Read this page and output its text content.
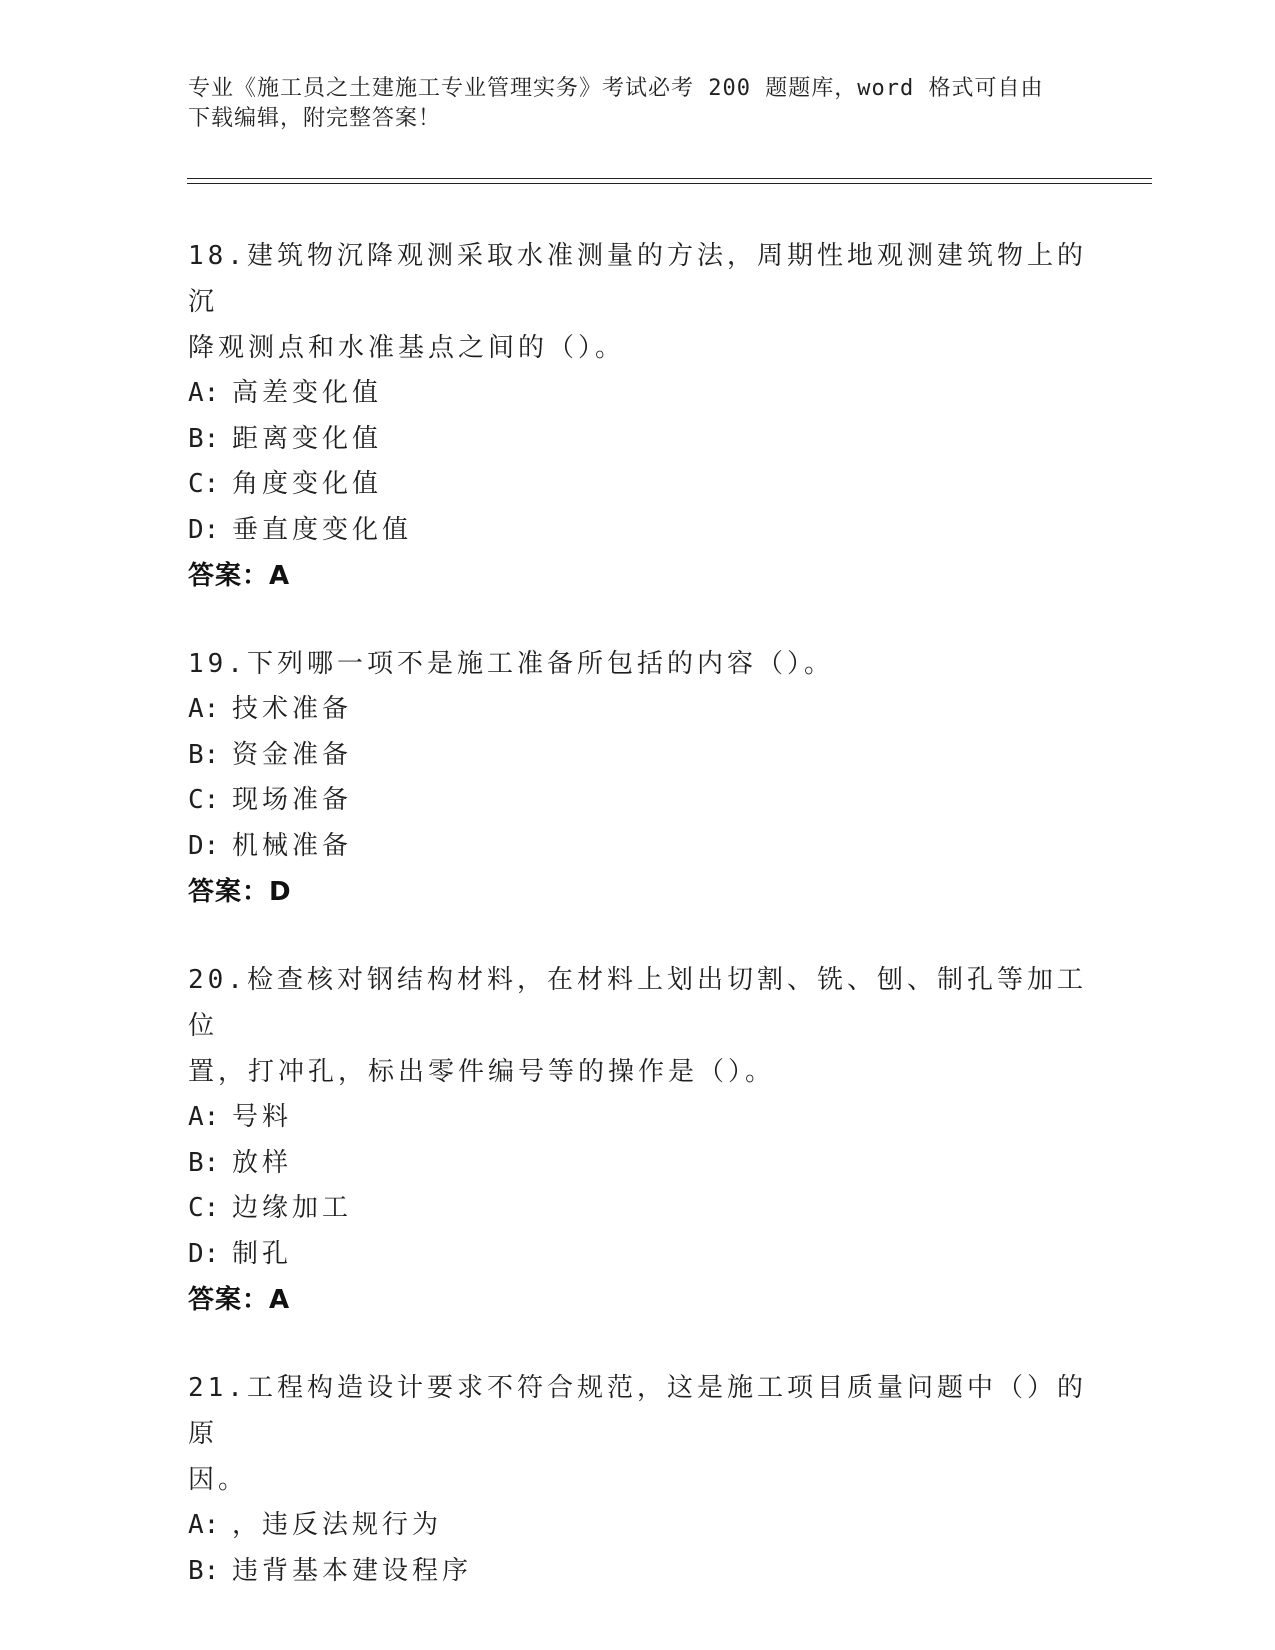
专业《施工员之土建施工专业管理实务》考试必考 200 题题库，word 格式可自由
下载编辑，附完整答案！
18.建筑物沉降观测采取水准测量的方法，周期性地观测建筑物上的沉
降观测点和水准基点之间的（）。
A: 高差变化值
B: 距离变化值
C: 角度变化值
D: 垂直度变化值
答案：A
19.下列哪一项不是施工准备所包括的内容（）。
A: 技术准备
B: 资金准备
C: 现场准备
D: 机械准备
答案：D
20.检查核对钢结构材料，在材料上划出切割、铣、刨、制孔等加工位
置，打冲孔，标出零件编号等的操作是（）。
A: 号料
B: 放样
C: 边缘加工
D: 制孔
答案：A
21.工程构造设计要求不符合规范，这是施工项目质量问题中（）的原
因。
A: ，违反法规行为
B: 违背基本建设程序
